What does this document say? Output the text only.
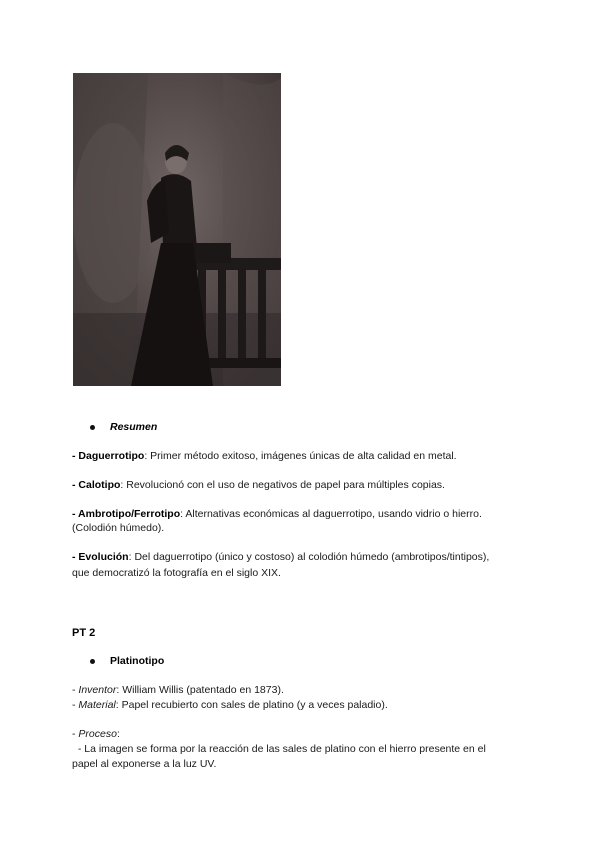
Resumen
- Daguerrotipo: Primer método exitoso, imágenes únicas de alta calidad en metal.
- Calotipo: Revolucionó con el uso de negativos de papel para múltiples copias.
- Ambrotipo/Ferrotipo: Alternativas económicas al daguerrotipo, usando vidrio o hierro.
(Colodión húmedo).
- Evolución: Del daguerrotipo (único y costoso) al colodión húmedo (ambrotipos/tintipos),
que democratizó la fotografía en el siglo XIX.
PT 2
Platinotipo
- Inventor: William Willis (patentado en 1873).
- Material: Papel recubierto con sales de platino (y a veces paladio).
- Proceso:
- La imagen se forma por la reacción de las sales de platino con el hierro presente en el
papel al exponerse a la luz UV.
